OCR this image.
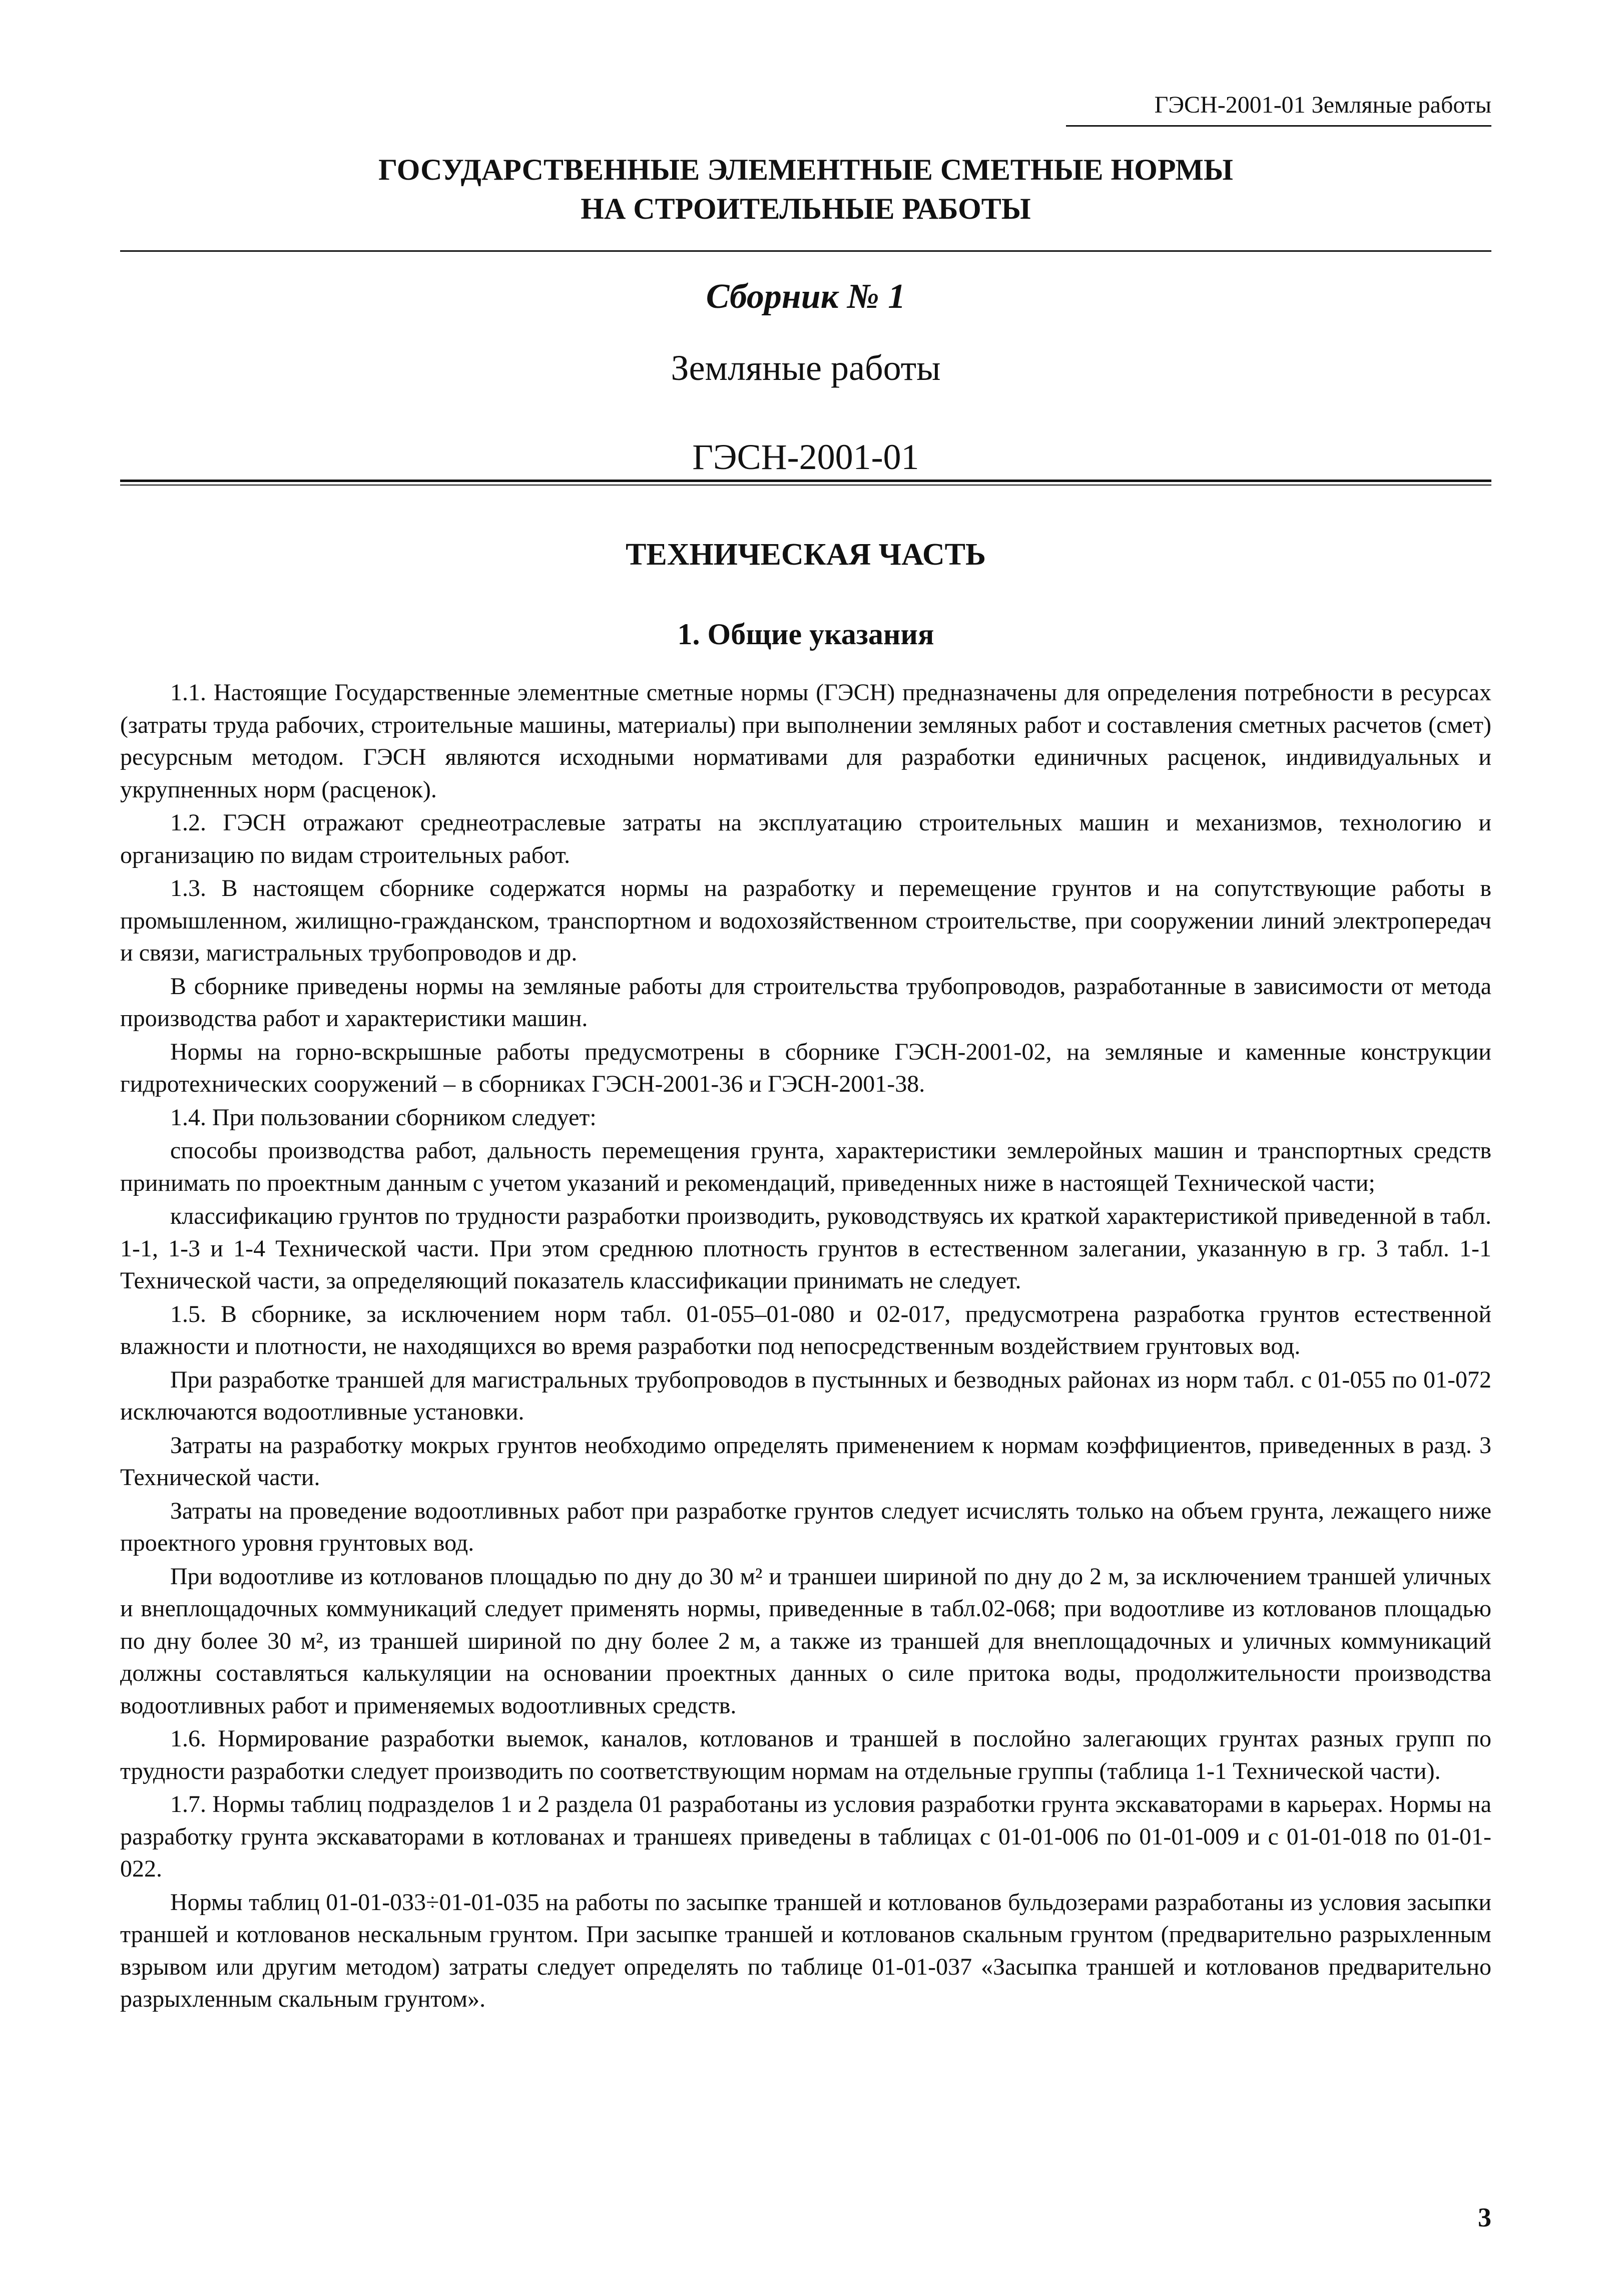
ГЭСН-2001-01 Земляные работы
ГОСУДАРСТВЕННЫЕ ЭЛЕМЕНТНЫЕ СМЕТНЫЕ НОРМЫ
НА СТРОИТЕЛЬНЫЕ РАБОТЫ
Сборник № 1
Земляные работы
ГЭСН-2001-01
ТЕХНИЧЕСКАЯ ЧАСТЬ
1. Общие указания

1.1. Настоящие Государственные элементные сметные нормы (ГЭСН) предназначены для определения потребности в ресурсах (затраты труда рабочих, строительные машины, материалы) при выполнении земляных работ и составления сметных расчетов (смет) ресурсным методом. ГЭСН являются исходными нормативами для разработки единичных расценок, индивидуальных и укрупненных норм (расценок).

1.2. ГЭСН отражают среднеотраслевые затраты на эксплуатацию строительных машин и механизмов, технологию и организацию по видам строительных работ.

1.3. В настоящем сборнике содержатся нормы на разработку и перемещение грунтов и на сопутствующие работы в промышленном, жилищно-гражданском, транспортном и водохозяйственном строительстве, при сооружении линий электропередач и связи, магистральных трубопроводов и др.

В сборнике приведены нормы на земляные работы для строительства трубопроводов, разработанные в зависимости от метода производства работ и характеристики машин.

Нормы на горно-вскрышные работы предусмотрены в сборнике ГЭСН-2001-02, на земляные и каменные конструкции гидротехнических сооружений – в сборниках ГЭСН-2001-36 и ГЭСН-2001-38.

1.4. При пользовании сборником следует:

способы производства работ, дальность перемещения грунта, характеристики землеройных машин и транспортных средств принимать по проектным данным с учетом указаний и рекомендаций, приведенных ниже в настоящей Технической части;

классификацию грунтов по трудности разработки производить, руководствуясь их краткой характеристикой приведенной в табл. 1-1, 1-3 и 1-4 Технической части. При этом среднюю плотность грунтов в естественном залегании, указанную в гр. 3 табл. 1-1 Технической части, за определяющий показатель классификации принимать не следует.

1.5. В сборнике, за исключением норм табл. 01-055–01-080 и 02-017, предусмотрена разработка грунтов естественной влажности и плотности, не находящихся во время разработки под непосредственным воздействием грунтовых вод.

При разработке траншей для магистральных трубопроводов в пустынных и безводных районах из норм табл. с 01-055 по 01-072 исключаются водоотливные установки.

Затраты на разработку мокрых грунтов необходимо определять применением к нормам коэффициентов, приведенных в разд. 3 Технической части.

Затраты на проведение водоотливных работ при разработке грунтов следует исчислять только на объем грунта, лежащего ниже проектного уровня грунтовых вод.

При водоотливе из котлованов площадью по дну до 30 м² и траншеи шириной по дну до 2 м, за исключением траншей уличных и внеплощадочных коммуникаций следует применять нормы, приведенные в табл.02-068; при водоотливе из котлованов площадью по дну более 30 м², из траншей шириной по дну более 2 м, а также из траншей для внеплощадочных и уличных коммуникаций должны составляться калькуляции на основании проектных данных о силе притока воды, продолжительности производства водоотливных работ и применяемых водоотливных средств.

1.6. Нормирование разработки выемок, каналов, котлованов и траншей в послойно залегающих грунтах разных групп по трудности разработки следует производить по соответствующим нормам на отдельные группы (таблица 1-1 Технической части).

1.7. Нормы таблиц подразделов 1 и 2 раздела 01 разработаны из условия разработки грунта экскаваторами в карьерах. Нормы на разработку грунта экскаваторами в котлованах и траншеях приведены в таблицах с 01-01-006 по 01-01-009 и с 01-01-018 по 01-01-022.

Нормы таблиц 01-01-033÷01-01-035 на работы по засыпке траншей и котлованов бульдозерами разработаны из условия засыпки траншей и котлованов нескальным грунтом. При засыпке траншей и котлованов скальным грунтом (предварительно разрыхленным взрывом или другим методом) затраты следует определять по таблице 01-01-037 «Засыпка траншей и котлованов предварительно разрыхленным скальным грунтом».

3
